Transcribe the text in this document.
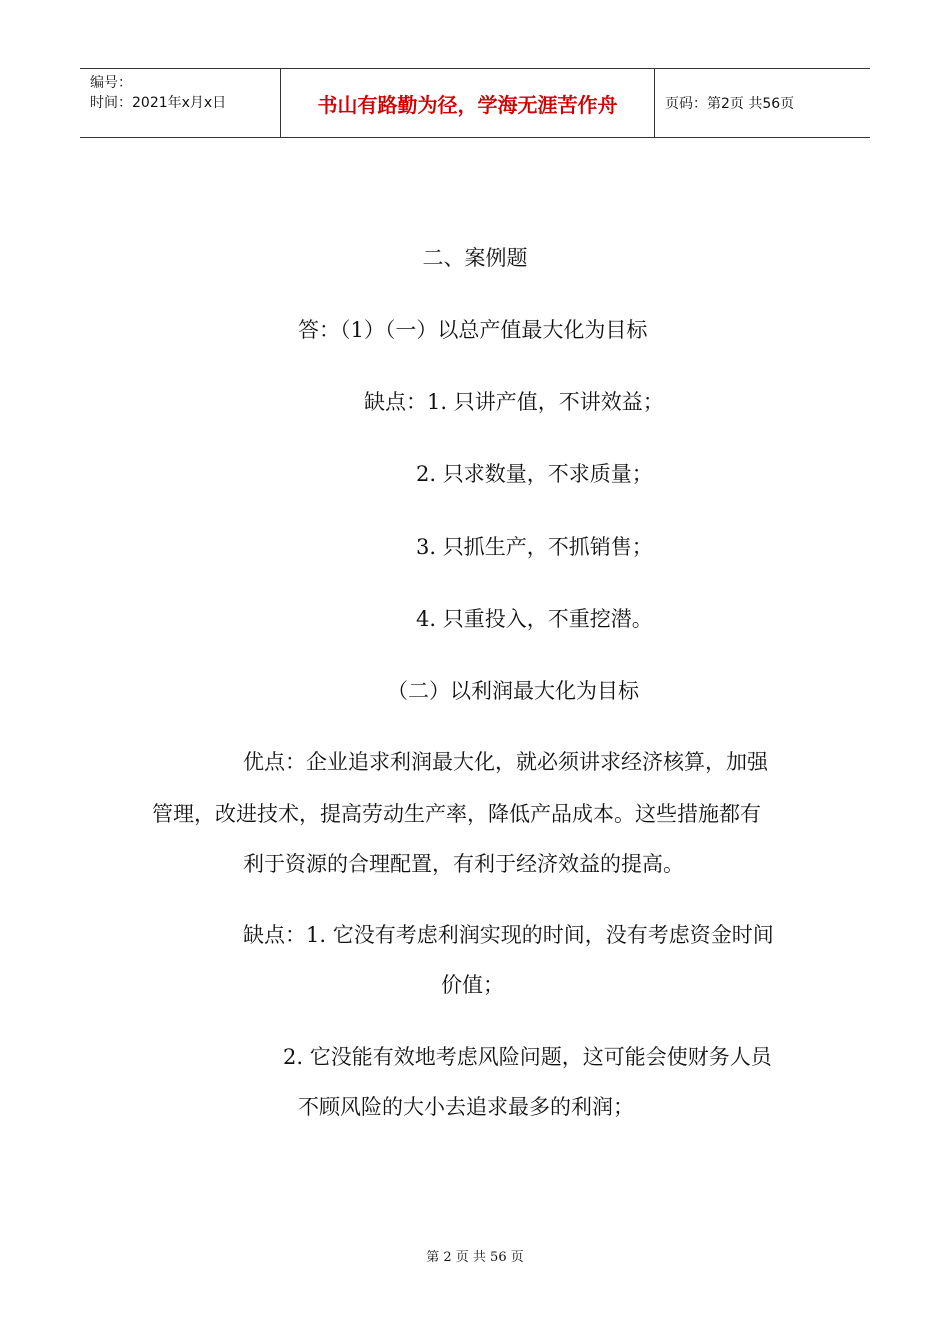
编号：
时间：2021年x月x日	书山有路勤为径，学海无涯苦作舟	页码：第2页 共56页
二、案例题
答：（1）（一）以总产值最大化为目标
缺点：1. 只讲产值，不讲效益；
2. 只求数量，不求质量；
3. 只抓生产，不抓销售；
4. 只重投入，不重挖潜。
（二）以利润最大化为目标
优点：企业追求利润最大化，就必须讲求经济核算，加强
管理，改进技术，提高劳动生产率，降低产品成本。这些措施都有
利于资源的合理配置，有利于经济效益的提高。
缺点：1. 它没有考虑利润实现的时间，没有考虑资金时间
价值；
2. 它没能有效地考虑风险问题，这可能会使财务人员
不顾风险的大小去追求最多的利润；
第 2 页 共 56 页
